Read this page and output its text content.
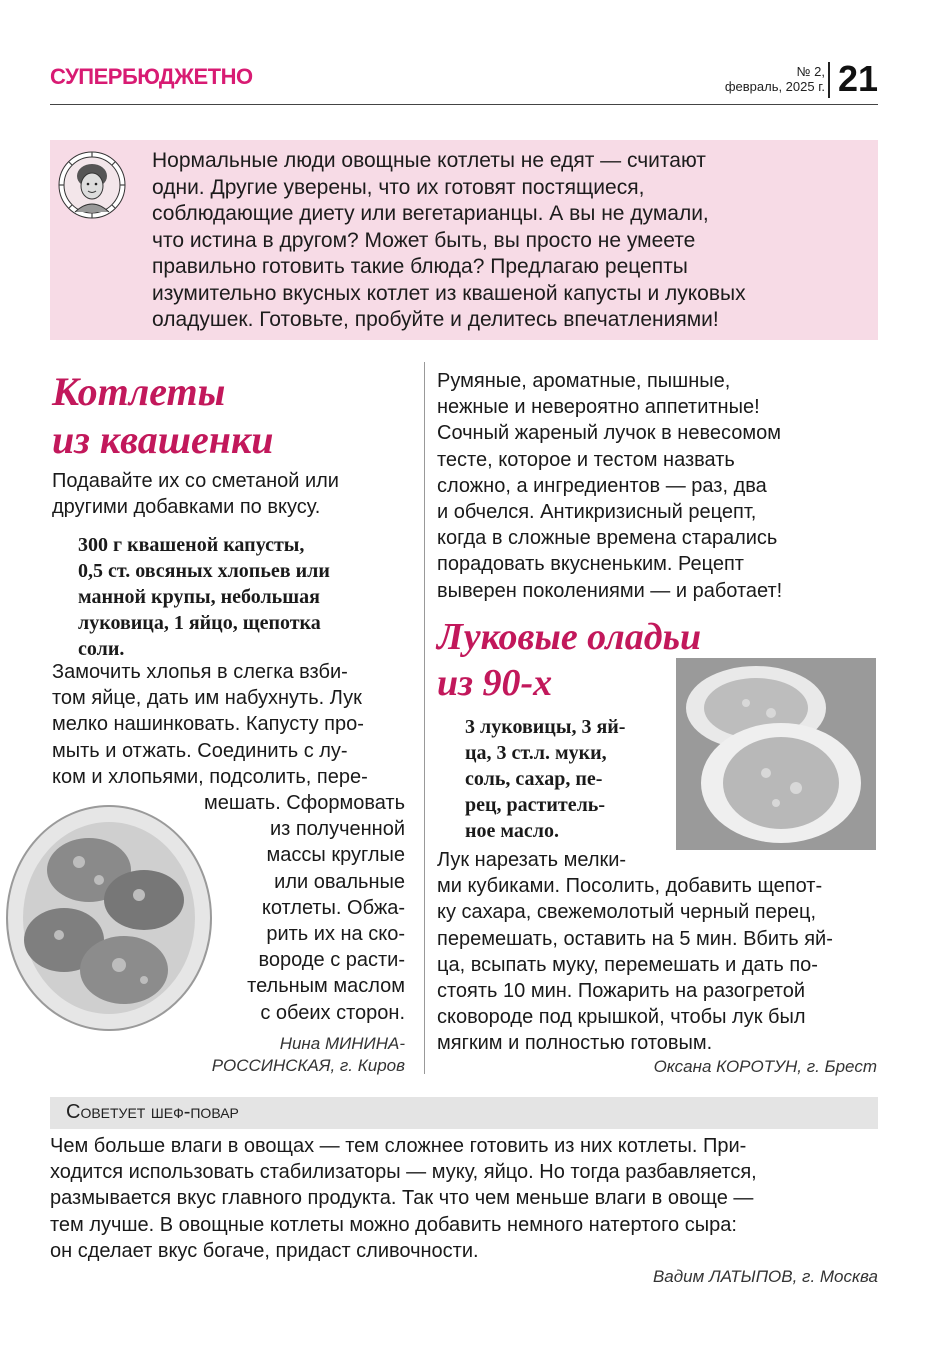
СУПЕРБЮДЖЕТНО	№ 2,
февраль, 2025 г. 21
Нормальные люди овощные котлеты не едят — считают
одни. Другие уверены, что их готовят постящиеся,
соблюдающие диету или вегетарианцы. А вы не думали,
что истина в другом? Может быть, вы просто не умеете
правильно готовить такие блюда? Предлагаю рецепты
изумительно вкусных котлет из квашеной капусты и луковых
оладушек. Готовьте, пробуйте и делитесь впечатлениями!
Котлеты
из квашенки
Подавайте их со сметаной или
другими добавками по вкусу.
300 г квашеной капусты,
0,5 ст. овсяных хлопьев или
манной крупы, небольшая
луковица, 1 яйцо, щепотка
соли.
Замочить хлопья в слегка взби-
том яйце, дать им набухнуть. Лук
мелко нашинковать. Капусту про-
мыть и отжать. Соединить с лу-
ком и хлопьями, подсолить, пере-
мешать. Сформовать
из полученной
массы круглые
или овальные
котлеты. Обжа-
рить их на ско-
вороде с расти-
тельным маслом
с обеих сторон.
Нина МИНИНА-
РОССИНСКАЯ, г. Киров
Румяные, ароматные, пышные,
нежные и невероятно аппетитные!
Сочный жареный лучок в невесомом
тесте, которое и тестом назвать
сложно, а ингредиентов — раз, два
и обчелся. Антикризисный рецепт,
когда в сложные времена старались
порадовать вкусненьким. Рецепт
выверен поколениями — и работает!
Луковые оладьи
из 90-х
3 луковицы, 3 яй-
ца, 3 ст.л. муки,
соль, сахар, пе-
рец, раститель-
ное масло.
Лук нарезать мелки-
ми кубиками. Посолить, добавить щепот-
ку сахара, свежемолотый черный перец,
перемешать, оставить на 5 мин. Вбить яй-
ца, всыпать муку, перемешать и дать по-
стоять 10 мин. Пожарить на разогретой
сковороде под крышкой, чтобы лук был
мягким и полностью готовым.
Оксана КОРОТУН, г. Брест
Советует шеф-повар
Чем больше влаги в овощах — тем сложнее готовить из них котлеты. При-
ходится использовать стабилизаторы — муку, яйцо. Но тогда разбавляется,
размывается вкус главного продукта. Так что чем меньше влаги в овоще —
тем лучше. В овощные котлеты можно добавить немного натертого сыра:
он сделает вкус богаче, придаст сливочности.
Вадим ЛАТЫПОВ, г. Москва
